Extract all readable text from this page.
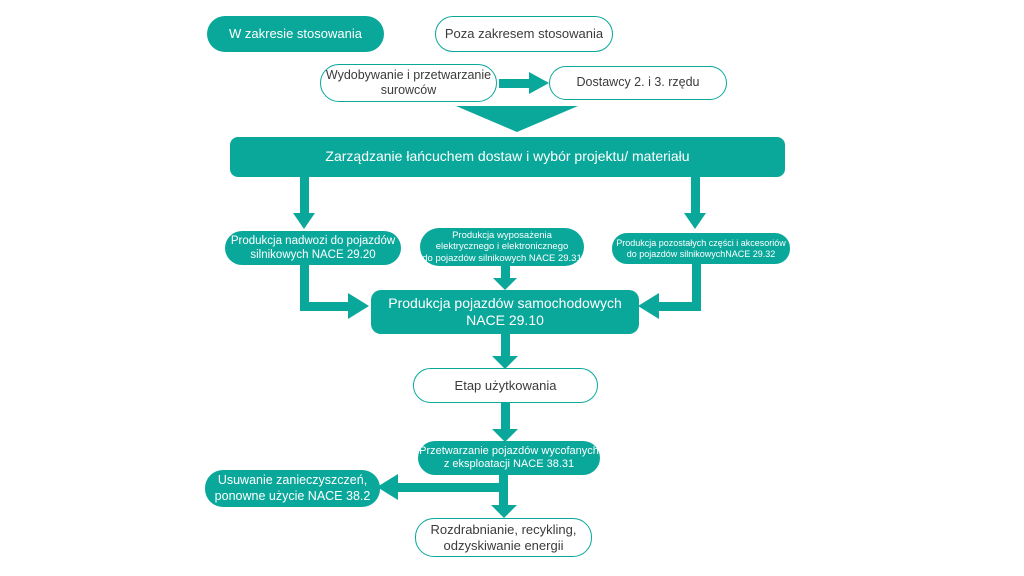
W zakresie stosowania	Poza zakresem stosowania
Wydobywanie i przetwarzanie
surowców
Dostawcy 2. i 3. rzędu
Zarządzanie łańcuchem dostaw i wybór projektu/ materiału
Produkcja nadwozi do pojazdów
silnikowych NACE 29.20
Produkcja wyposażenia
elektrycznego i elektronicznego
do pojazdów silnikowych NACE 29.31
Produkcja pozostałych części i akcesoriów
do pojazdów silnikowychNACE 29.32
Produkcja pojazdów samochodowych
NACE 29.10
Etap użytkowania
Przetwarzanie pojazdów wycofanych
z eksploatacji NACE 38.31
Usuwanie zanieczyszczeń,
ponowne użycie NACE 38.2
Rozdrabnianie, recykling,
odzyskiwanie energii
